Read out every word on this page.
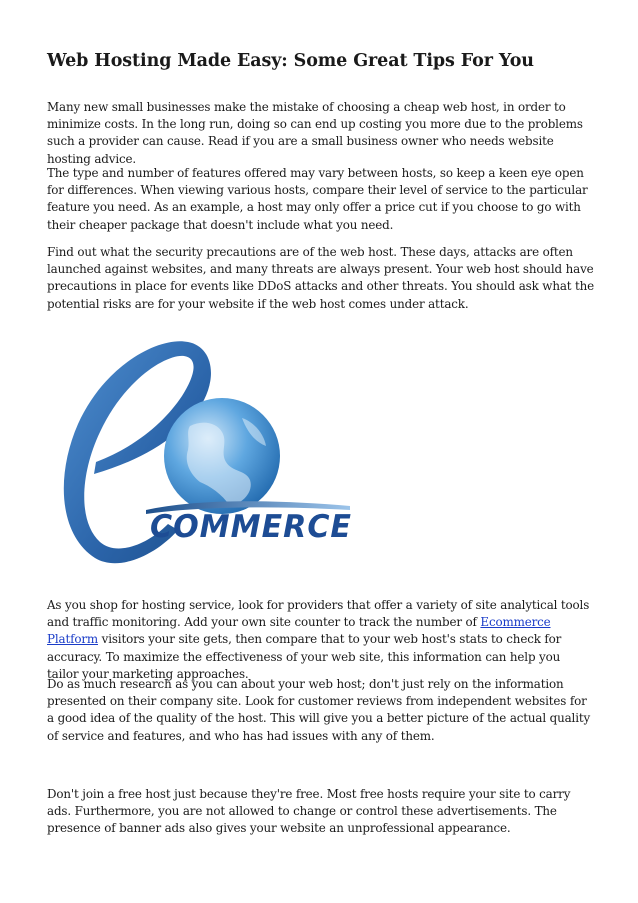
Web Hosting Made Easy: Some Great Tips For You

Many new small businesses make the mistake of choosing a cheap web host, in order to minimize costs. In the long run, doing so can end up costing you more due to the problems such a provider can cause. Read if you are a small business owner who needs website hosting advice.

The type and number of features offered may vary between hosts, so keep a keen eye open for differences. When viewing various hosts, compare their level of service to the particular feature you need. As an example, a host may only offer a price cut if you choose to go with their cheaper package that doesn't include what you need.

Find out what the security precautions are of the web host. These days, attacks are often launched against websites, and many threats are always present. Your web host should have precautions in place for events like DDoS attacks and other threats. You should ask what the potential risks are for your website if the web host comes under attack.

As you shop for hosting service, look for providers that offer a variety of site analytical tools and traffic monitoring. Add your own site counter to track the number of Ecommerce Platform visitors your site gets, then compare that to your web host's stats to check for accuracy. To maximize the effectiveness of your web site, this information can help you tailor your marketing approaches.

Do as much research as you can about your web host; don't just rely on the information presented on their company site. Look for customer reviews from independent websites for a good idea of the quality of the host. This will give you a better picture of the actual quality of service and features, and who has had issues with any of them.

Don't join a free host just because they're free. Most free hosts require your site to carry ads. Furthermore, you are not allowed to change or control these advertisements. The presence of banner ads also gives your website an unprofessional appearance.

COMMERCE
